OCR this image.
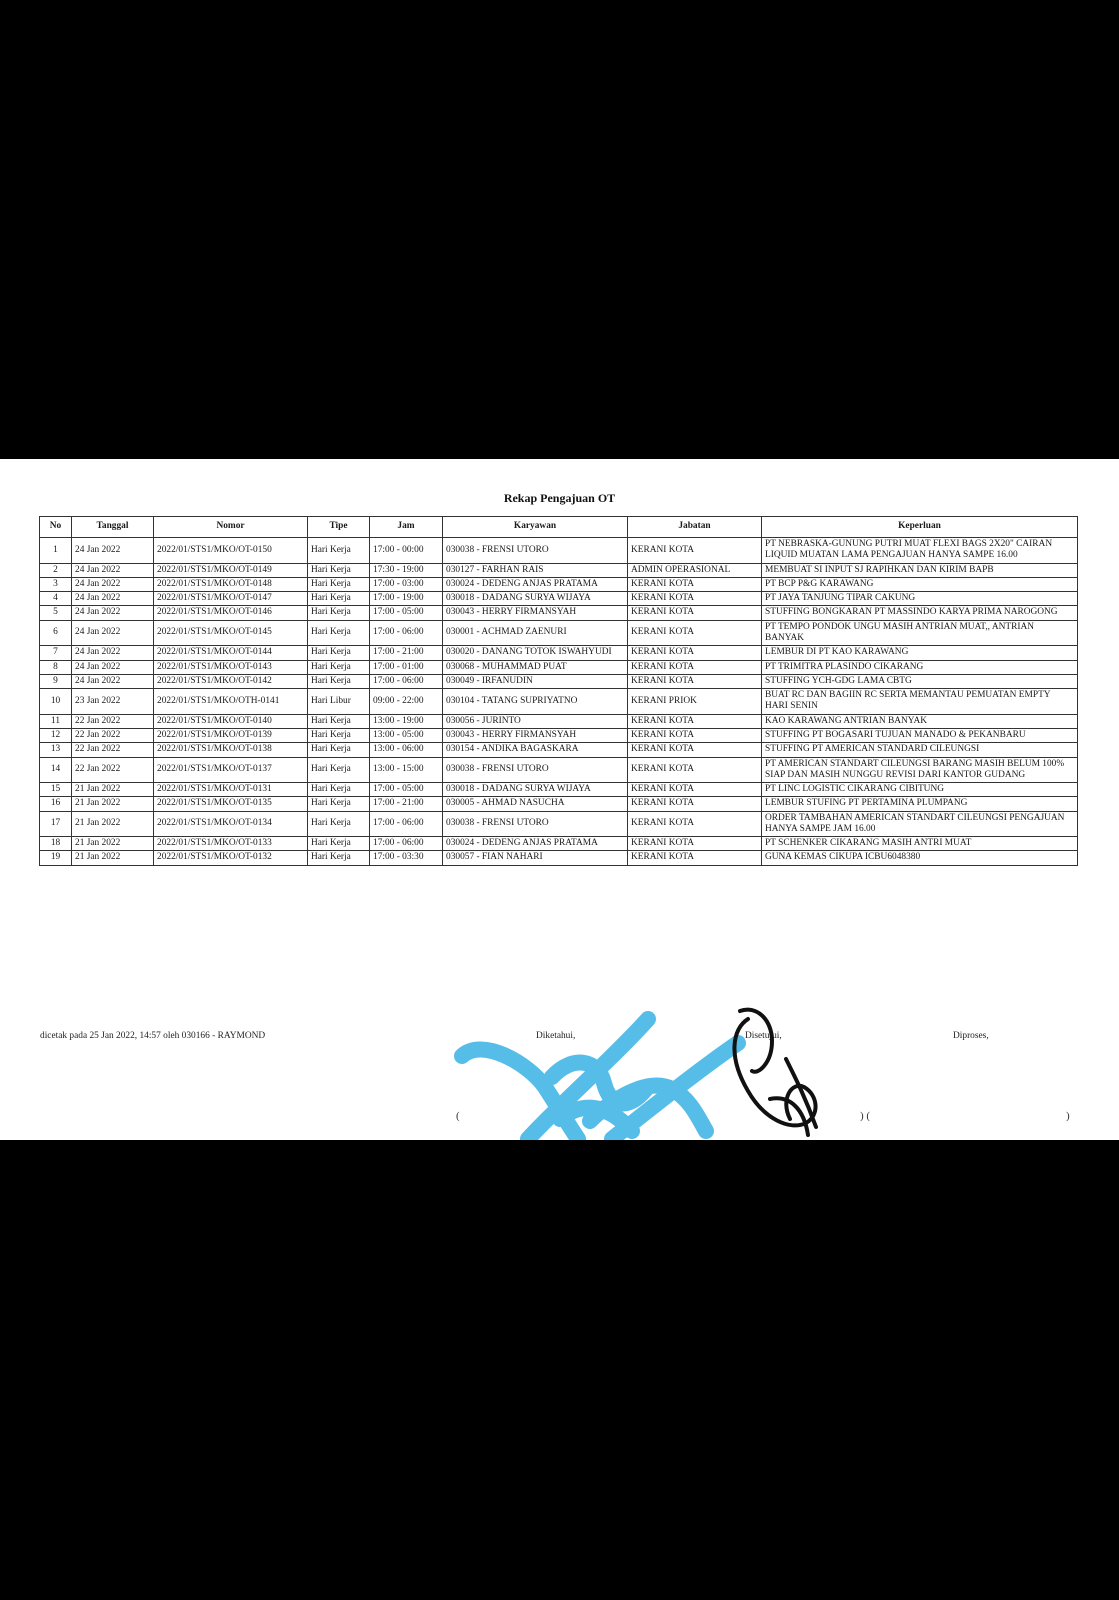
Rekap Pengajuan OT
No	Tanggal	Nomor	Tipe	Jam	Karyawan	Jabatan	Keperluan
1	24 Jan 2022	2022/01/STS1/MKO/OT-0150	Hari Kerja	17:00 - 00:00	030038 - FRENSI UTORO	KERANI KOTA	PT NEBRASKA-GUNUNG PUTRI MUAT FLEXI BAGS 2X20" CAIRAN LIQUID MUATAN LAMA PENGAJUAN HANYA SAMPE 16.00
2	24 Jan 2022	2022/01/STS1/MKO/OT-0149	Hari Kerja	17:30 - 19:00	030127 - FARHAN RAIS	ADMIN OPERASIONAL	MEMBUAT SI INPUT SJ RAPIHKAN DAN KIRIM BAPB
3	24 Jan 2022	2022/01/STS1/MKO/OT-0148	Hari Kerja	17:00 - 03:00	030024 - DEDENG ANJAS PRATAMA	KERANI KOTA	PT BCP P&G KARAWANG
4	24 Jan 2022	2022/01/STS1/MKO/OT-0147	Hari Kerja	17:00 - 19:00	030018 - DADANG SURYA WIJAYA	KERANI KOTA	PT JAYA TANJUNG TIPAR CAKUNG
5	24 Jan 2022	2022/01/STS1/MKO/OT-0146	Hari Kerja	17:00 - 05:00	030043 - HERRY FIRMANSYAH	KERANI KOTA	STUFFING BONGKARAN PT MASSINDO KARYA PRIMA NAROGONG
6	24 Jan 2022	2022/01/STS1/MKO/OT-0145	Hari Kerja	17:00 - 06:00	030001 - ACHMAD ZAENURI	KERANI KOTA	PT TEMPO PONDOK UNGU MASIH ANTRIAN MUAT,, ANTRIAN BANYAK
7	24 Jan 2022	2022/01/STS1/MKO/OT-0144	Hari Kerja	17:00 - 21:00	030020 - DANANG TOTOK ISWAHYUDI	KERANI KOTA	LEMBUR DI PT KAO KARAWANG
8	24 Jan 2022	2022/01/STS1/MKO/OT-0143	Hari Kerja	17:00 - 01:00	030068 - MUHAMMAD PUAT	KERANI KOTA	PT TRIMITRA PLASINDO CIKARANG
9	24 Jan 2022	2022/01/STS1/MKO/OT-0142	Hari Kerja	17:00 - 06:00	030049 - IRFANUDIN	KERANI KOTA	STUFFING YCH-GDG LAMA CBTG
10	23 Jan 2022	2022/01/STS1/MKO/OTH-0141	Hari Libur	09:00 - 22:00	030104 - TATANG SUPRIYATNO	KERANI PRIOK	BUAT RC DAN BAGIIN RC SERTA MEMANTAU PEMUATAN EMPTY HARI SENIN
11	22 Jan 2022	2022/01/STS1/MKO/OT-0140	Hari Kerja	13:00 - 19:00	030056 - JURINTO	KERANI KOTA	KAO KARAWANG ANTRIAN BANYAK
12	22 Jan 2022	2022/01/STS1/MKO/OT-0139	Hari Kerja	13:00 - 05:00	030043 - HERRY FIRMANSYAH	KERANI KOTA	STUFFING PT BOGASARI TUJUAN MANADO & PEKANBARU
13	22 Jan 2022	2022/01/STS1/MKO/OT-0138	Hari Kerja	13:00 - 06:00	030154 - ANDIKA BAGASKARA	KERANI KOTA	STUFFING PT AMERICAN STANDARD CILEUNGSI
14	22 Jan 2022	2022/01/STS1/MKO/OT-0137	Hari Kerja	13:00 - 15:00	030038 - FRENSI UTORO	KERANI KOTA	PT AMERICAN STANDART CILEUNGSI BARANG MASIH BELUM 100% SIAP DAN MASIH NUNGGU REVISI DARI KANTOR GUDANG
15	21 Jan 2022	2022/01/STS1/MKO/OT-0131	Hari Kerja	17:00 - 05:00	030018 - DADANG SURYA WIJAYA	KERANI KOTA	PT LINC LOGISTIC CIKARANG CIBITUNG
16	21 Jan 2022	2022/01/STS1/MKO/OT-0135	Hari Kerja	17:00 - 21:00	030005 - AHMAD NASUCHA	KERANI KOTA	LEMBUR STUFING PT PERTAMINA PLUMPANG
17	21 Jan 2022	2022/01/STS1/MKO/OT-0134	Hari Kerja	17:00 - 06:00	030038 - FRENSI UTORO	KERANI KOTA	ORDER TAMBAHAN AMERICAN STANDART CILEUNGSI PENGAJUAN HANYA SAMPE JAM 16.00
18	21 Jan 2022	2022/01/STS1/MKO/OT-0133	Hari Kerja	17:00 - 06:00	030024 - DEDENG ANJAS PRATAMA	KERANI KOTA	PT SCHENKER CIKARANG MASIH ANTRI MUAT
19	21 Jan 2022	2022/01/STS1/MKO/OT-0132	Hari Kerja	17:00 - 03:30	030057 - FIAN NAHARI	KERANI KOTA	GUNA KEMAS CIKUPA ICBU6048380
dicetak pada 25 Jan 2022, 14:57 oleh 030166 - RAYMOND	Diketahui,	Disetujui,	Diproses,
(	) (	)
